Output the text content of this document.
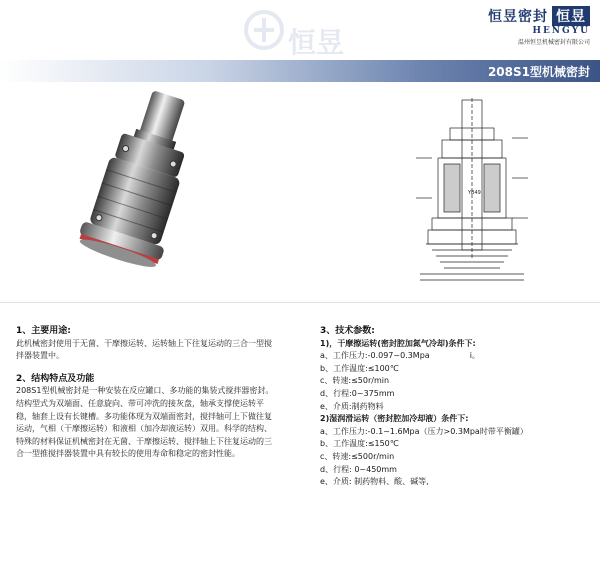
恒昱
恒昱密封 恒昱
HENGYU
温州恒昱机械密封有限公司
208S1型机械密封
YB49
1、主要用途:
此机械密封使用于无菌、干摩擦运转、运转轴上下往复运动的三合一型搅拌器装置中。
2、结构特点及功能
208S1型机械密封是一种安装在反应罐口、多功能的集装式搅拌器密封。结构型式为双端面、任意旋向、带可冲洗的接灰盘，轴承支撑使运转平稳，轴套上设有长键槽。多功能体现为双端面密封，搅拌轴可上下做往复运动，气相（干摩擦运转）和液相（加冷却液运转）双用。科学的结构、特殊的材料保证机械密封在无菌、干摩擦运转、搅拌轴上下往复运动的三合一型推搅拌器装置中具有较长的使用寿命和稳定的密封性能。
3、技术参数:
1)，干摩擦运转(密封腔加氮气冷却)条件下:
a、工作压力:-0.097~0.3Mpa　　　　　i。
b、工作温度:≤100℃
c、转速:≤50r/min
d、行程:0~375mm
e、介质:制药物料
2)湿润滑运转（密封腔加冷却液）条件下:
a、工作压力:-0.1~1.6Mpa（压力>0.3Mpa时带平衡罐）
b、工作温度:≤150℃
c、转速:≤500r/min
d、行程: 0~450mm
e、介质: 制药物料、酸、碱等,
